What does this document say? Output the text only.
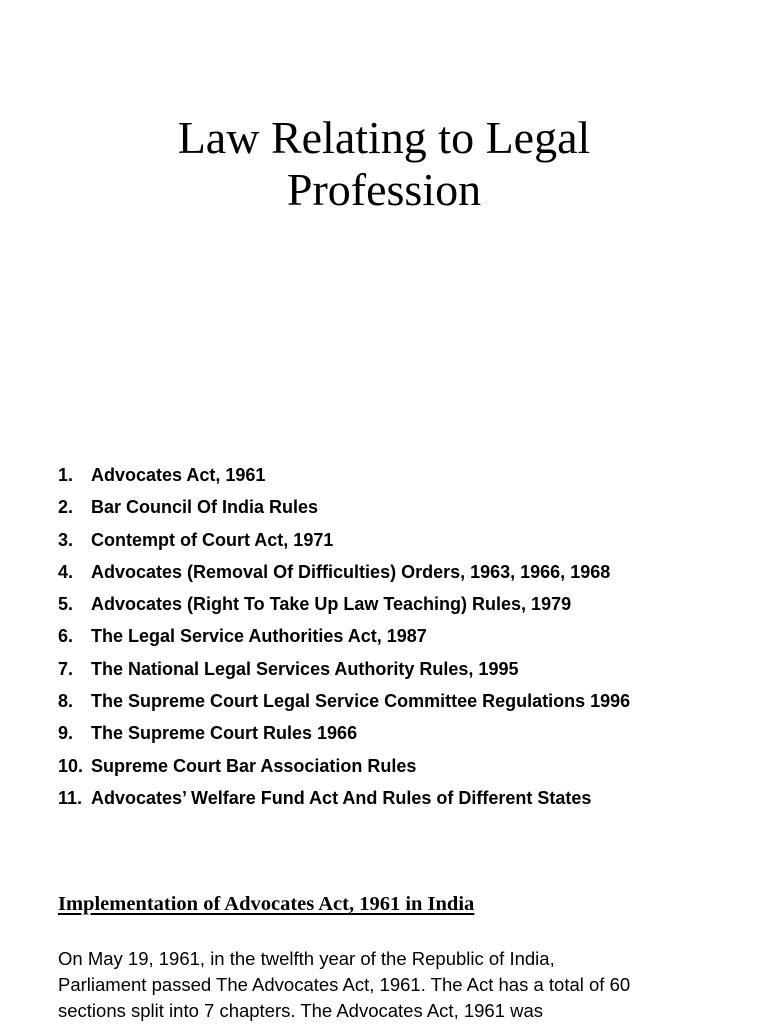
Law Relating to Legal
Profession
1. Advocates Act, 1961
2. Bar Council Of India Rules
3. Contempt of Court Act, 1971
4. Advocates (Removal Of Difficulties) Orders, 1963, 1966, 1968
5. Advocates (Right To Take Up Law Teaching) Rules, 1979
6. The Legal Service Authorities Act, 1987
7. The National Legal Services Authority Rules, 1995
8. The Supreme Court Legal Service Committee Regulations 1996
9. The Supreme Court Rules 1966
10. Supreme Court Bar Association Rules
11. Advocates’ Welfare Fund Act And Rules of Different States
Implementation of Advocates Act, 1961 in India

On May 19, 1961, in the twelfth year of the Republic of India,
Parliament passed The Advocates Act, 1961. The Act has a total of 60
sections split into 7 chapters. The Advocates Act, 1961 was
